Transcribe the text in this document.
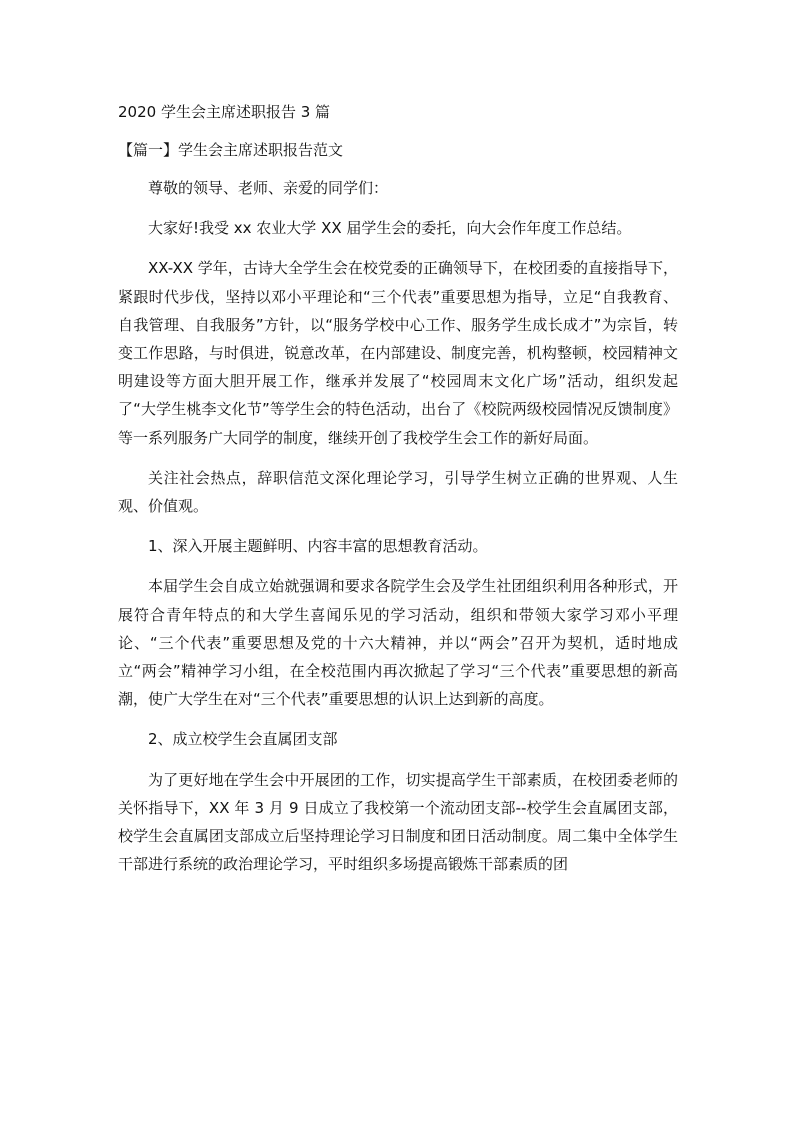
2020 学生会主席述职报告 3 篇
【篇一】学生会主席述职报告范文

尊敬的领导、老师、亲爱的同学们：

大家好!我受 xx 农业大学 XX 届学生会的委托，向大会作年度工作总结。

XX-XX 学年，古诗大全学生会在校党委的正确领导下，在校团委的直接指导下，紧跟时代步伐，坚持以邓小平理论和“三个代表”重要思想为指导，立足“自我教育、自我管理、自我服务”方针，以“服务学校中心工作、服务学生成长成才”为宗旨，转变工作思路，与时俱进，锐意改革，在内部建设、制度完善，机构整顿，校园精神文明建设等方面大胆开展工作，继承并发展了“校园周末文化广场”活动，组织发起了“大学生桃李文化节”等学生会的特色活动，出台了《校院两级校园情况反馈制度》等一系列服务广大同学的制度，继续开创了我校学生会工作的新好局面。

关注社会热点，辞职信范文深化理论学习，引导学生树立正确的世界观、人生观、价值观。

1、深入开展主题鲜明、内容丰富的思想教育活动。

本届学生会自成立始就强调和要求各院学生会及学生社团组织利用各种形式，开展符合青年特点的和大学生喜闻乐见的学习活动，组织和带领大家学习邓小平理论、“三个代表”重要思想及党的十六大精神，并以“两会”召开为契机，适时地成立“两会”精神学习小组，在全校范围内再次掀起了学习“三个代表”重要思想的新高潮，使广大学生在对“三个代表”重要思想的认识上达到新的高度。

2、成立校学生会直属团支部

为了更好地在学生会中开展团的工作，切实提高学生干部素质，在校团委老师的关怀指导下，XX 年 3 月 9 日成立了我校第一个流动团支部--校学生会直属团支部，校学生会直属团支部成立后坚持理论学习日制度和团日活动制度。周二集中全体学生干部进行系统的政治理论学习，平时组织多场提高锻炼干部素质的团
